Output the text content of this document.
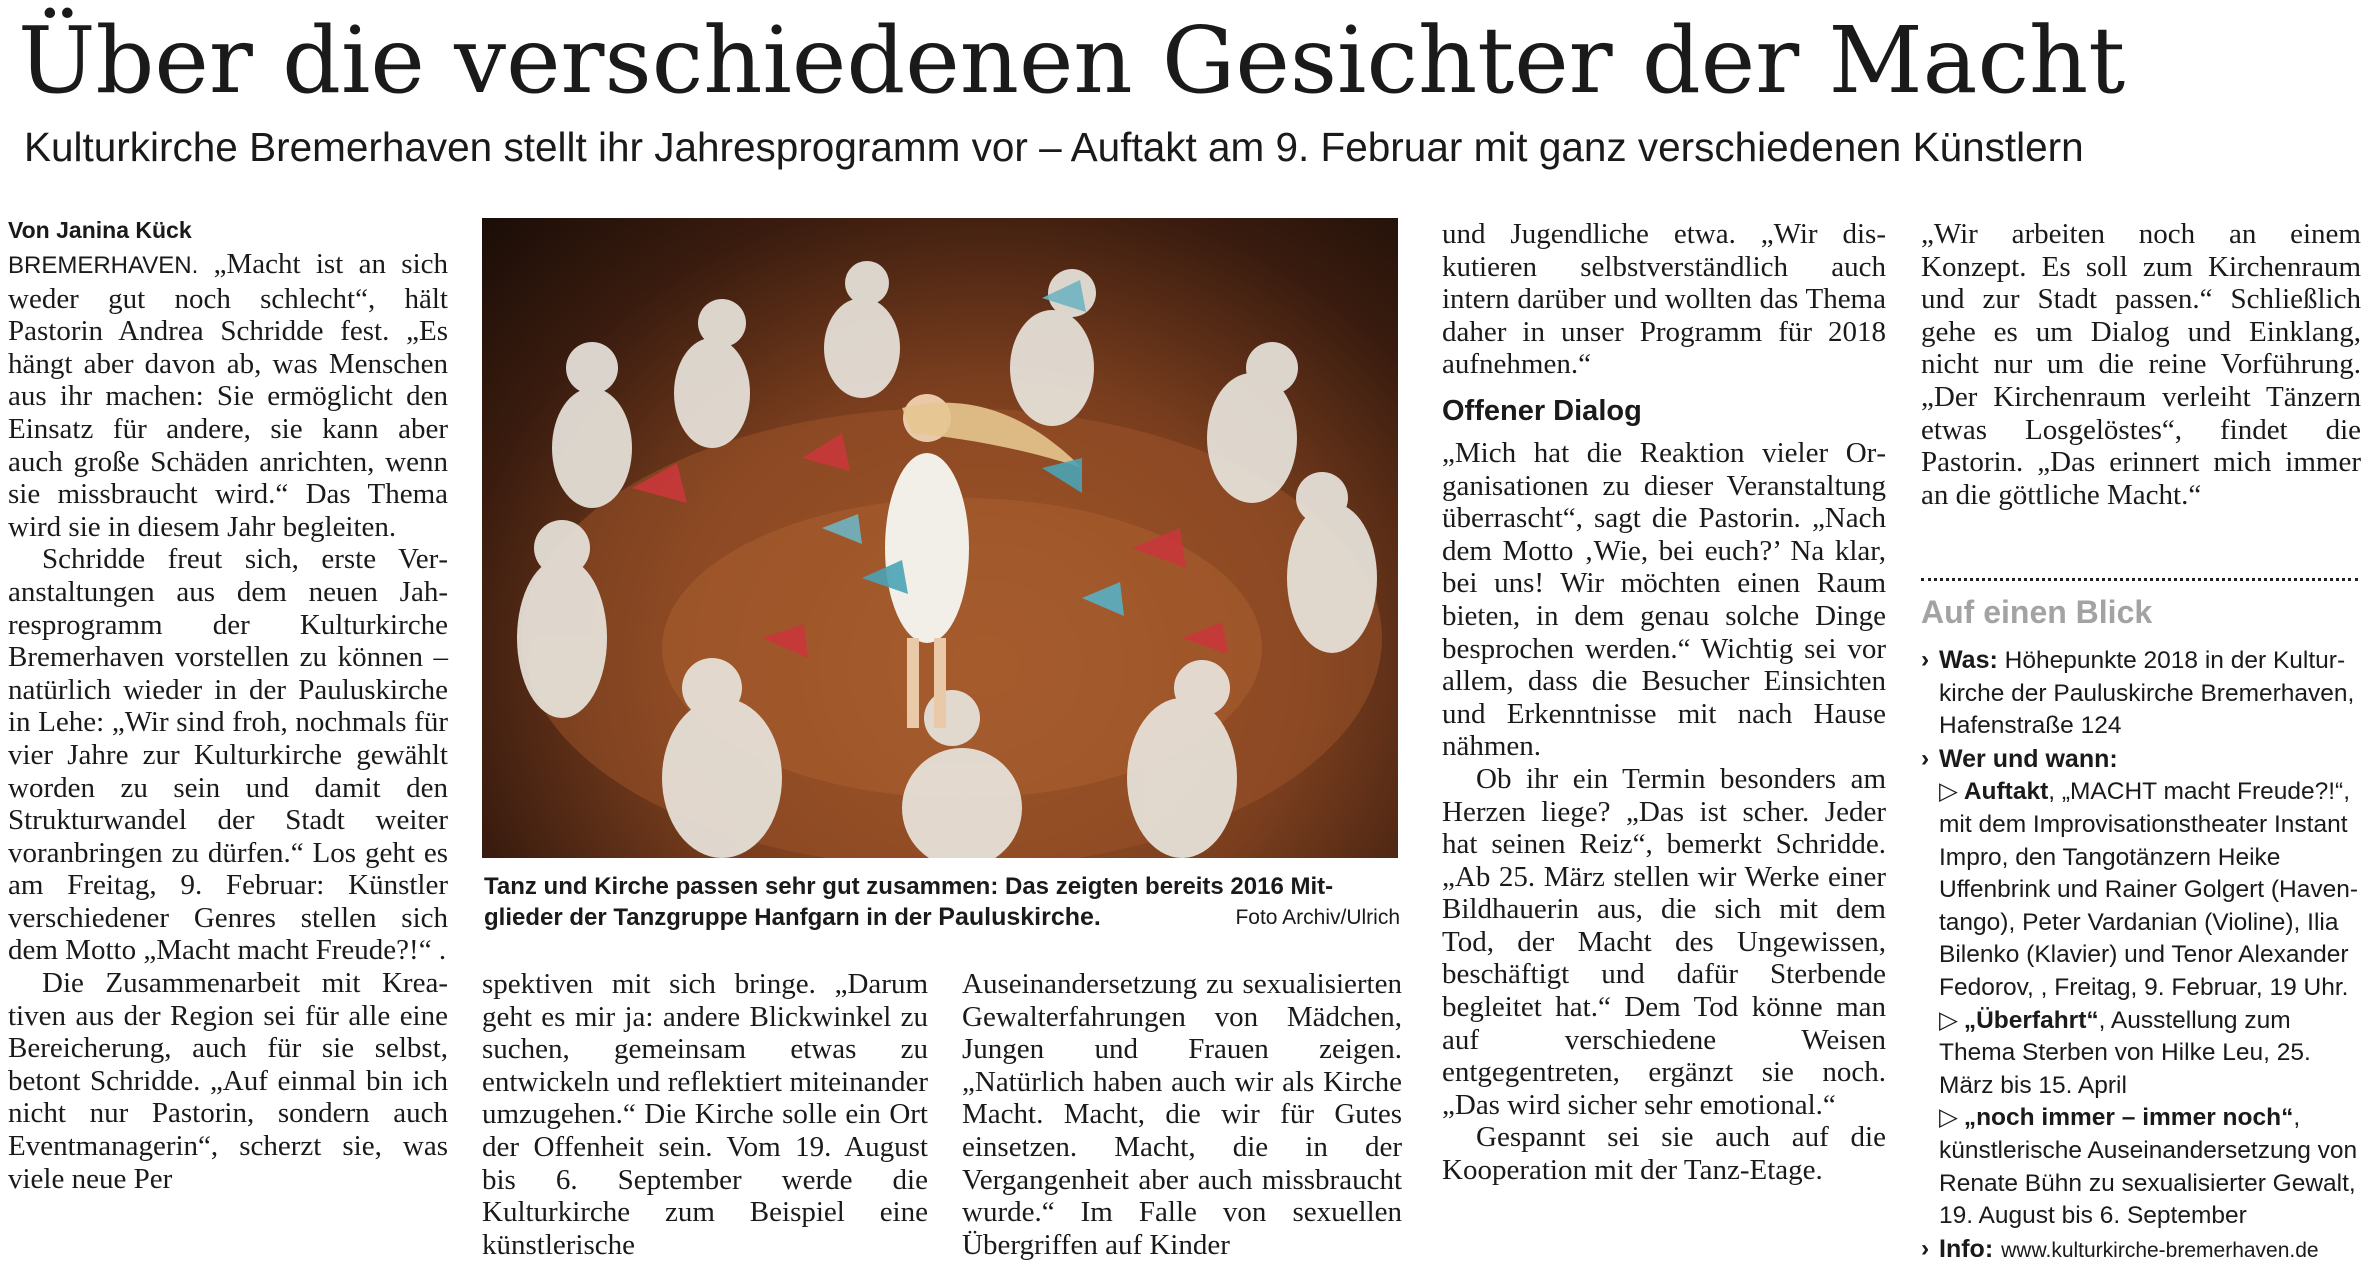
Über die verschiedenen Gesichter der Macht
Kulturkirche Bremerhaven stellt ihr Jahresprogramm vor – Auftakt am 9. Februar mit ganz verschiedenen Künstlern
Von Janina Kück

BREMERHAVEN. „Macht ist an sich weder gut noch schlecht“, hält Pastorin Andrea Schridde fest. „Es hängt aber davon ab, was Menschen aus ihr machen: Sie ermöglicht den Einsatz für andere, sie kann aber auch große Schäden anrichten, wenn sie missbraucht wird.“ Das Thema wird sie in diesem Jahr begleiten.

Schridde freut sich, erste Veranstaltungen aus dem neuen Jahresprogramm der Kulturkirche Bremerhaven vorstellen zu können – natürlich wieder in der Pauluskirche in Lehe: „Wir sind froh, nochmals für vier Jahre zur Kulturkirche gewählt worden zu sein und damit den Strukturwandel der Stadt weiter voranbringen zu dürfen.“ Los geht es am Freitag, 9. Februar: Künstler verschiedener Genres stellen sich dem Motto „Macht macht Freude?!“ .

Die Zusammenarbeit mit Kreativen aus der Region sei für alle eine Bereicherung, auch für sie selbst, betont Schridde. „Auf einmal bin ich nicht nur Pastorin, sondern auch Eventmanagerin“, scherzt sie, was viele neue Per

Tanz und Kirche passen sehr gut zusammen: Das zeigten bereits 2016 Mitglieder der Tanzgruppe Hanfgarn in der Pauluskirche.	Foto Archiv/Ulrich

spektiven mit sich bringe. „Darum geht es mir ja: andere Blickwinkel zu suchen, gemeinsam etwas zu entwickeln und reflektiert miteinander umzugehen.“ Die Kirche solle ein Ort der Offenheit sein. Vom 19. August bis 6. September werde die Kulturkirche zum Beispiel eine künstlerische

Auseinandersetzung zu sexualisierten Gewalterfahrungen von Mädchen, Jungen und Frauen zeigen. „Natürlich haben auch wir als Kirche Macht. Macht, die wir für Gutes einsetzen. Macht, die in der Vergangenheit aber auch missbraucht wurde.“ Im Falle von sexuellen Übergriffen auf Kinder

und Jugendliche etwa. „Wir diskutieren selbstverständlich auch intern darüber und wollten das Thema daher in unser Programm für 2018 aufnehmen.“

Offener Dialog

„Mich hat die Reaktion vieler Organisationen zu dieser Veranstaltung überrascht“, sagt die Pastorin. „Nach dem Motto ‚Wie, bei euch?’ Na klar, bei uns! Wir möchten einen Raum bieten, in dem genau solche Dinge besprochen werden.“ Wichtig sei vor allem, dass die Besucher Einsichten und Erkenntnisse mit nach Hause nähmen.

Ob ihr ein Termin besonders am Herzen liege? „Das ist scher. Jeder hat seinen Reiz“, bemerkt Schridde. „Ab 25. März stellen wir Werke einer Bildhauerin aus, die sich mit dem Tod, der Macht des Ungewissen, beschäftigt und dafür Sterbende begleitet hat.“ Dem Tod könne man auf verschiedene Weisen entgegentreten, ergänzt sie noch. „Das wird sicher sehr emotional.“

Gespannt sei sie auch auf die Kooperation mit der Tanz-Etage.

„Wir arbeiten noch an einem Konzept. Es soll zum Kirchenraum und zur Stadt passen.“ Schließlich gehe es um Dialog und Einklang, nicht nur um die reine Vorführung. „Der Kirchenraum verleiht Tänzern etwas Losgelöstes“, findet die Pastorin. „Das erinnert mich immer an die göttliche Macht.“

Auf einen Blick
› Was: Höhepunkte 2018 in der Kulturkirche der Pauluskirche Bremerhaven, Hafenstraße 124
› Wer und wann:
▷ Auftakt, „MACHT macht Freude?!“, mit dem Improvisationstheater Instant Impro, den Tangotänzern Heike Uffenbrink und Rainer Golgert (Haventango), Peter Vardanian (Violine), Ilia Bilenko (Klavier) und Tenor Alexander Fedorov, , Freitag, 9. Februar, 19 Uhr.
▷ „Überfahrt“, Ausstellung zum Thema Sterben von Hilke Leu, 25. März bis 15. April
▷ „noch immer – immer noch“, künstlerische Auseinandersetzung von Renate Bühn zu sexualisierter Gewalt, 19. August bis 6. September
› Info: www.kulturkirche-bremerhaven.de
